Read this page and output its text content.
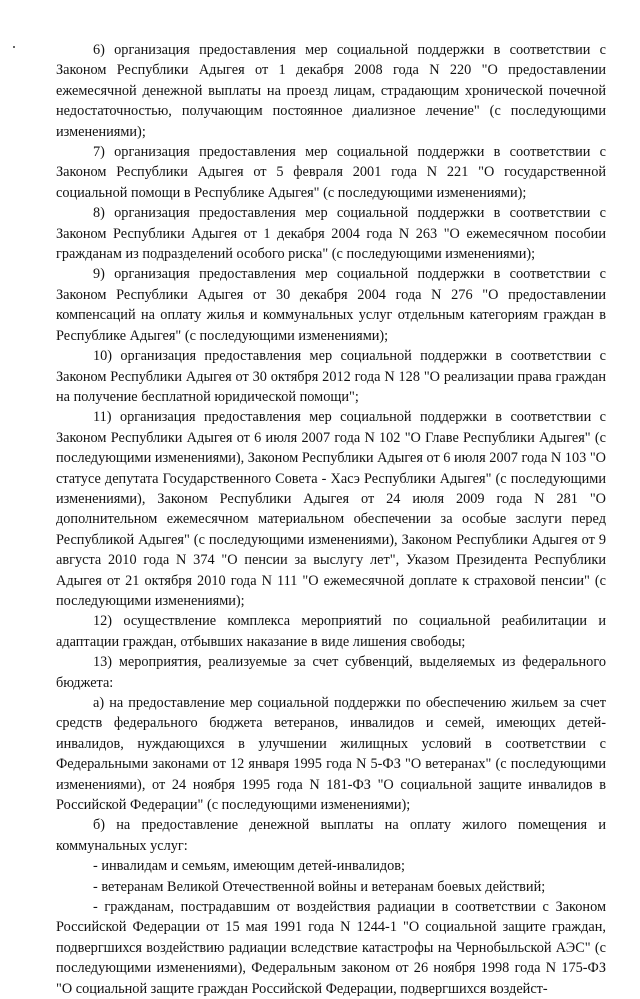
6) организация предоставления мер социальной поддержки в соответствии с Законом Республики Адыгея от 1 декабря 2008 года N 220 "О предоставлении ежемесячной денежной выплаты на проезд лицам, страдающим хронической почечной недостаточностью, получающим постоянное диализное лечение" (с последующими изменениями);

7) организация предоставления мер социальной поддержки в соответствии с Законом Республики Адыгея от 5 февраля 2001 года N 221 "О государственной социальной помощи в Республике Адыгея" (с последующими изменениями);

8) организация предоставления мер социальной поддержки в соответствии с Законом Республики Адыгея от 1 декабря 2004 года N 263 "О ежемесячном пособии гражданам из подразделений особого риска" (с последующими изменениями);

9) организация предоставления мер социальной поддержки в соответствии с Законом Республики Адыгея от 30 декабря 2004 года N 276 "О предоставлении компенсаций на оплату жилья и коммунальных услуг отдельным категориям граждан в Республике Адыгея" (с последующими изменениями);

10) организация предоставления мер социальной поддержки в соответствии с Законом Республики Адыгея от 30 октября 2012 года N 128 "О реализации права граждан на получение бесплатной юридической помощи";

11) организация предоставления мер социальной поддержки в соответствии с Законом Республики Адыгея от 6 июля 2007 года N 102 "О Главе Республики Адыгея" (с последующими изменениями), Законом Республики Адыгея от 6 июля 2007 года N 103 "О статусе депутата Государственного Совета - Хасэ Республики Адыгея" (с последующими изменениями), Законом Республики Адыгея от 24 июля 2009 года N 281 "О дополнительном ежемесячном материальном обеспечении за особые заслуги перед Республикой Адыгея" (с последующими изменениями), Законом Республики Адыгея от 9 августа 2010 года N 374 "О пенсии за выслугу лет", Указом Президента Республики Адыгея от 21 октября 2010 года N 111 "О ежемесячной доплате к страховой пенсии" (с последующими изменениями);

12) осуществление комплекса мероприятий по социальной реабилитации и адаптации граждан, отбывших наказание в виде лишения свободы;

13) мероприятия, реализуемые за счет субвенций, выделяемых из федерального бюджета:

а) на предоставление мер социальной поддержки по обеспечению жильем за счет средств федерального бюджета ветеранов, инвалидов и семей, имеющих детей-инвалидов, нуждающихся в улучшении жилищных условий в соответствии с Федеральными законами от 12 января 1995 года N 5-ФЗ "О ветеранах" (с последующими изменениями), от 24 ноября 1995 года N 181-ФЗ "О социальной защите инвалидов в Российской Федерации" (с последующими изменениями);

б) на предоставление денежной выплаты на оплату жилого помещения и коммунальных услуг:

- инвалидам и семьям, имеющим детей-инвалидов;

- ветеранам Великой Отечественной войны и ветеранам боевых действий;

- гражданам, пострадавшим от воздействия радиации в соответствии с Законом Российской Федерации от 15 мая 1991 года N 1244-1 "О социальной защите граждан, подвергшихся воздействию радиации вследствие катастрофы на Чернобыльской АЭС" (с последующими изменениями), Федеральным законом от 26 ноября 1998 года N 175-ФЗ "О социальной защите граждан Российской Федерации, подвергшихся воздейст-
